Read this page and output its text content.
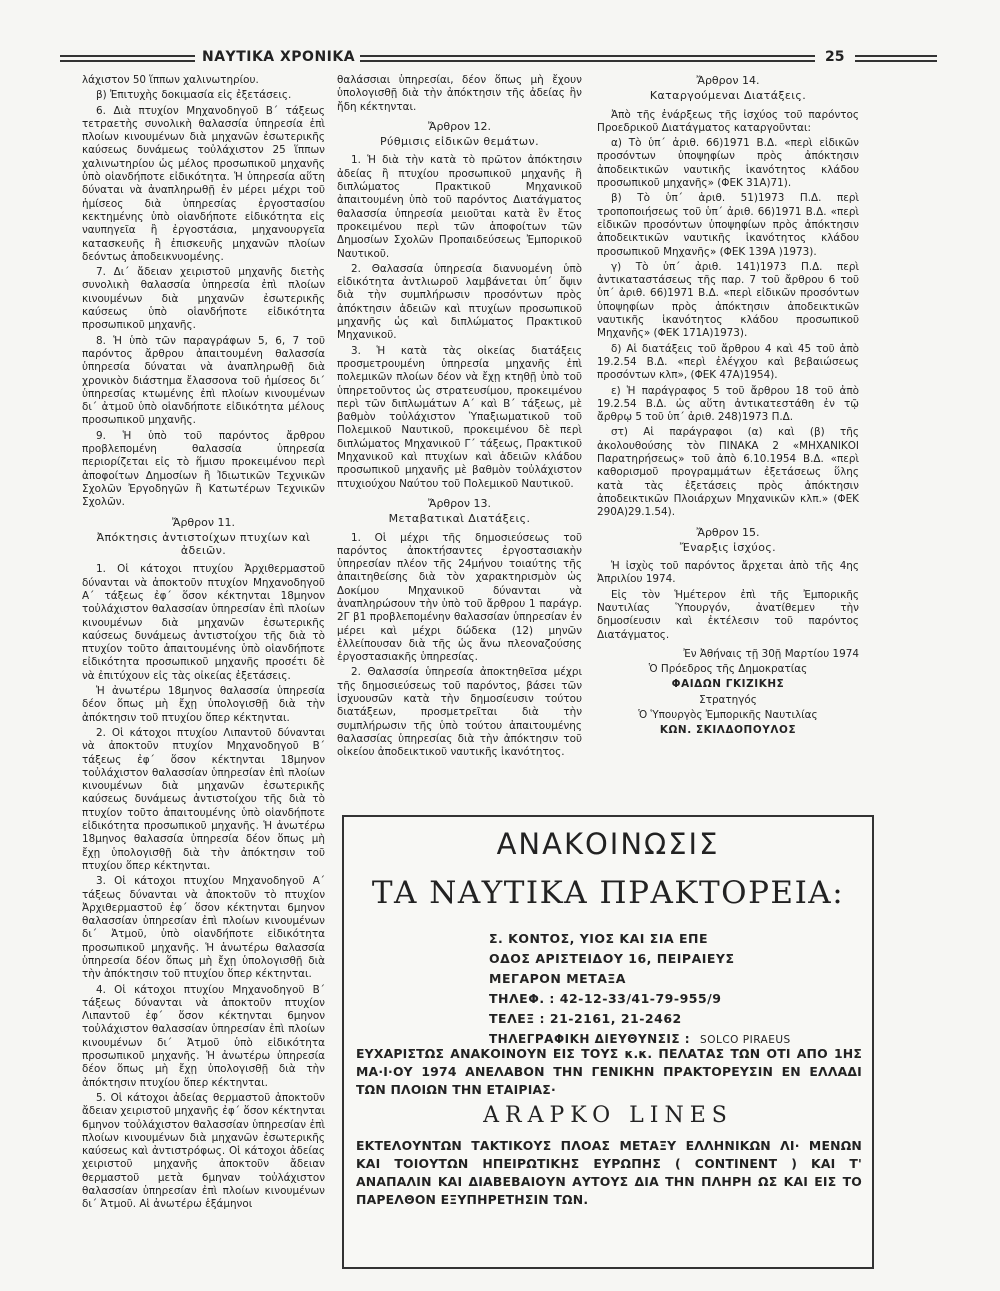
ΝΑΥΤΙΚΑ ΧΡΟΝΙΚΑ	25

λάχιστον 50 ἵππων χαλινωτηρίου.

β) Ἐπιτυχὴς δοκιμασία εἰς ἐξετάσεις.

6. Διὰ πτυχίον Μηχανοδηγοῦ Β΄ τάξεως τετραετὴς συνολικὴ θαλασσία ὑπηρεσία ἐπὶ πλοίων κινουμένων διὰ μηχανῶν ἐσωτερικῆς καύσεως δυνάμεως τοὐλάχιστον 25 ἵππων χαλινωτηρίου ὡς μέλος προσωπικοῦ μηχανῆς ὑπὸ οἱανδήποτε εἰδικότητα. Ἡ ὑπηρεσία αὕτη δύναται νὰ ἀναπληρωθῇ ἐν μέρει μέχρι τοῦ ἡμίσεος διὰ ὑπηρεσίας ἐργοστασίου κεκτημένης ὑπὸ οἱανδήποτε εἰδικότητα εἰς ναυπηγεῖα ἢ ἐργοστάσια, μηχανουργεῖα κατασκευῆς ἢ ἐπισκευῆς μηχανῶν πλοίων δεόντως ἀποδεικνυομένης.

7. Δι΄ ἄδειαν χειριστοῦ μηχανῆς διετὴς συνολικὴ θαλασσία ὑπηρεσία ἐπὶ πλοίων κινουμένων διὰ μηχανῶν ἐσωτερικῆς καύσεως ὑπὸ οἱανδήποτε εἰδικότητα προσωπικοῦ μηχανῆς.

8. Ἡ ὑπὸ τῶν παραγράφων 5, 6, 7 τοῦ παρόντος ἄρθρου ἀπαιτουμένη θαλασσία ὑπηρεσία δύναται νὰ ἀναπληρωθῇ διὰ χρονικὸν διάστημα ἔλασσονα τοῦ ἡμίσεος δι΄ ὑπηρεσίας κτωμένης ἐπὶ πλοίων κινουμένων δι΄ ἀτμοῦ ὑπὸ οἱανδήποτε εἰδικότητα μέλους προσωπικοῦ μηχανῆς.

9. Ἡ ὑπὸ τοῦ παρόντος ἄρθρου προβλεπομένη θαλασσία ὑπηρεσία περιορίζεται εἰς τὸ ἥμισυ προκειμένου περὶ ἀποφοίτων Δημοσίων ἢ Ἰδιωτικῶν Τεχνικῶν Σχολῶν Ἐργοδηγῶν ἢ Κατωτέρων Τεχνικῶν Σχολῶν.

Ἄρθρον 11.

Ἀπόκτησις ἀντιστοίχων πτυχίων καὶ ἀδειῶν.

1. Οἱ κάτοχοι πτυχίου Ἀρχιθερμαστοῦ δύνανται νὰ ἀποκτοῦν πτυχίον Μηχανοδηγοῦ Α΄ τάξεως ἐφ΄ ὅσον κέκτηνται 18μηνον τοὐλάχιστον θαλασσίαν ὑπηρεσίαν ἐπὶ πλοίων κινουμένων διὰ μηχανῶν ἐσωτερικῆς καύσεως δυνάμεως ἀντιστοίχου τῆς διὰ τὸ πτυχίον τοῦτο ἀπαιτουμένης ὑπὸ οἱανδήποτε εἰδικότητα προσωπικοῦ μηχανῆς προσέτι δὲ νὰ ἐπιτύχουν εἰς τὰς οἰκείας ἐξετάσεις.

Ἡ ἀνωτέρω 18μηνος θαλασσία ὑπηρεσία δέον ὅπως μὴ ἔχῃ ὑπολογισθῇ διὰ τὴν ἀπόκτησιν τοῦ πτυχίου ὅπερ κέκτηνται.

2. Οἱ κάτοχοι πτυχίου Λιπαντοῦ δύνανται νὰ ἀποκτοῦν πτυχίον Μηχανοδηγοῦ Β΄ τάξεως ἐφ΄ ὅσον κέκτηνται 18μηνον τοὐλάχιστον θαλασσίαν ὑπηρεσίαν ἐπὶ πλοίων κινουμένων διὰ μηχανῶν ἐσωτερικῆς καύσεως δυνάμεως ἀντιστοίχου τῆς διὰ τὸ πτυχίον τοῦτο ἀπαιτουμένης ὑπὸ οἱανδήποτε εἰδικότητα προσωπικοῦ μηχανῆς. Ἡ ἀνωτέρω 18μηνος θαλασσία ὑπηρεσία δέον ὅπως μὴ ἔχῃ ὑπολογισθῇ διὰ τὴν ἀπόκτησιν τοῦ πτυχίου ὅπερ κέκτηνται.

3. Οἱ κάτοχοι πτυχίου Μηχανοδηγοῦ Α΄ τάξεως δύνανται νὰ ἀποκτοῦν τὸ πτυχίον Ἀρχιθερμαστοῦ ἐφ΄ ὅσον κέκτηνται 6μηνον θαλασσίαν ὑπηρεσίαν ἐπὶ πλοίων κινουμένων δι΄ Ἀτμοῦ, ὑπὸ οἱανδήποτε εἰδικότητα προσωπικοῦ μηχανῆς. Ἡ ἀνωτέρω θαλασσία ὑπηρεσία δέον ὅπως μὴ ἔχῃ ὑπολογισθῇ διὰ τὴν ἀπόκτησιν τοῦ πτυχίου ὅπερ κέκτηνται.

4. Οἱ κάτοχοι πτυχίου Μηχανοδηγοῦ Β΄ τάξεως δύνανται νὰ ἀποκτοῦν πτυχίον Λιπαντοῦ ἐφ΄ ὅσον κέκτηνται 6μηνον τοὐλάχιστον θαλασσίαν ὑπηρεσίαν ἐπὶ πλοίων κινουμένων δι΄ Ἀτμοῦ ὑπὸ εἰδικότητα προσωπικοῦ μηχανῆς. Ἡ ἀνωτέρω ὑπηρεσία δέον ὅπως μὴ ἔχῃ ὑπολογισθῇ διὰ τὴν ἀπόκτησιν πτυχίου ὅπερ κέκτηνται.

5. Οἱ κάτοχοι ἀδείας θερμαστοῦ ἀποκτοῦν ἄδειαν χειριστοῦ μηχανῆς ἐφ΄ ὅσον κέκτηνται 6μηνον τοὐλάχιστον θαλασσίαν ὑπηρεσίαν ἐπὶ πλοίων κινουμένων διὰ μηχανῶν ἐσωτερικῆς καύσεως καὶ ἀντιστρόφως. Οἱ κάτοχοι ἀδείας χειριστοῦ μηχανῆς ἀποκτοῦν ἄδειαν θερμαστοῦ μετὰ 6μηναν τοὐλάχιστον θαλασσίαν ὑπηρεσίαν ἐπὶ πλοίων κινουμένων δι΄ Ἀτμοῦ. Αἱ ἀνωτέρω ἑξάμηνοι

θαλάσσιαι ὑπηρεσίαι, δέον ὅπως μὴ ἔχουν ὑπολογισθῇ διὰ τὴν ἀπόκτησιν τῆς ἀδείας ἣν ἤδη κέκτηνται.

Ἄρθρον 12.

Ρύθμισις εἰδικῶν θεμάτων.

1. Ἡ διὰ τὴν κατὰ τὸ πρῶτον ἀπόκτησιν ἀδείας ἢ πτυχίου προσωπικοῦ μηχανῆς ἢ διπλώματος Πρακτικοῦ Μηχανικοῦ ἀπαιτουμένη ὑπὸ τοῦ παρόντος Διατάγματος θαλασσία ὑπηρεσία μειοῦται κατὰ ἓν ἔτος προκειμένου περὶ τῶν ἀποφοίτων τῶν Δημοσίων Σχολῶν Προπαιδεύσεως Ἐμπορικοῦ Ναυτικοῦ.

2. Θαλασσία ὑπηρεσία διανυομένη ὑπὸ εἰδικότητα ἀντλιωροῦ λαμβάνεται ὑπ΄ ὄψιν διὰ τὴν συμπλήρωσιν προσόντων πρὸς ἀπόκτησιν ἀδειῶν καὶ πτυχίων προσωπικοῦ μηχανῆς ὡς καὶ διπλώματος Πρακτικοῦ Μηχανικοῦ.

3. Ἡ κατὰ τὰς οἰκείας διατάξεις προσμετρουμένη ὑπηρεσία μηχανῆς ἐπὶ πολεμικῶν πλοίων δέον νὰ ἔχῃ κτηθῇ ὑπὸ τοῦ ὑπηρετοῦντος ὡς στρατευσίμου, προκειμένου περὶ τῶν διπλωμάτων Α΄ καὶ Β΄ τάξεως, μὲ βαθμὸν τοὐλάχιστον Ὑπαξιωματικοῦ τοῦ Πολεμικοῦ Ναυτικοῦ, προκειμένου δὲ περὶ διπλώματος Μηχανικοῦ Γ΄ τάξεως, Πρακτικοῦ Μηχανικοῦ καὶ πτυχίων καὶ ἀδειῶν κλάδου προσωπικοῦ μηχανῆς μὲ βαθμὸν τοὐλάχιστον πτυχιούχου Ναύτου τοῦ Πολεμικοῦ Ναυτικοῦ.

Ἄρθρον 13.

Μεταβατικαὶ Διατάξεις.

1. Οἱ μέχρι τῆς δημοσιεύσεως τοῦ παρόντος ἀποκτήσαντες ἐργοστασιακὴν ὑπηρεσίαν πλέον τῆς 24μήνου τοιαύτης τῆς ἀπαιτηθείσης διὰ τὸν χαρακτηρισμὸν ὡς Δοκίμου Μηχανικοῦ δύνανται νὰ ἀναπληρώσουν τὴν ὑπὸ τοῦ ἄρθρου 1 παράγρ. 2Γ β1 προβλεπομένην θαλασσίαν ὑπηρεσίαν ἐν μέρει καὶ μέχρι δώδεκα (12) μηνῶν ἐλλείπουσαν διὰ τῆς ὡς ἄνω πλεοναζούσης ἐργοστασιακῆς ὑπηρεσίας.

2. Θαλασσία ὑπηρεσία ἀποκτηθεῖσα μέχρι τῆς δημοσιεύσεως τοῦ παρόντος, βάσει τῶν ἰσχυουσῶν κατὰ τὴν δημοσίευσιν τούτου διατάξεων, προσμετρεῖται διὰ τὴν συμπλήρωσιν τῆς ὑπὸ τούτου ἀπαιτουμένης θαλασσίας ὑπηρεσίας διὰ τὴν ἀπόκτησιν τοῦ οἰκείου ἀποδεικτικοῦ ναυτικῆς ἱκανότητος.

Ἄρθρον 14.

Καταργούμεναι Διατάξεις.

Ἀπὸ τῆς ἐνάρξεως τῆς ἰσχύος τοῦ παρόντος Προεδρικοῦ Διατάγματος καταργοῦνται:

α) Τὸ ὑπ΄ ἀριθ. 66)1971 Β.Δ. «περὶ εἰδικῶν προσόντων ὑποψηφίων πρὸς ἀπόκτησιν ἀποδεικτικῶν ναυτικῆς ἱκανότητος κλάδου προσωπικοῦ μηχανῆς» (ΦΕΚ 31Α)71).

β) Τὸ ὑπ΄ ἀριθ. 51)1973 Π.Δ. περὶ τροποποιήσεως τοῦ ὑπ΄ ἀριθ. 66)1971 Β.Δ. «περὶ εἰδικῶν προσόντων ὑποψηφίων πρὸς ἀπόκτησιν ἀποδεικτικῶν ναυτικῆς ἱκανότητος κλάδου προσωπικοῦ Μηχανῆς» (ΦΕΚ 139Α )1973).

γ) Τὸ ὑπ΄ ἀριθ. 141)1973 Π.Δ. περὶ ἀντικαταστάσεως τῆς παρ. 7 τοῦ ἄρθρου 6 τοῦ ὑπ΄ ἀριθ. 66)1971 Β.Δ. «περὶ εἰδικῶν προσόντων ὑποψηφίων πρὸς ἀπόκτησιν ἀποδεικτικῶν ναυτικῆς ἱκανότητος κλάδου προσωπικοῦ Μηχανῆς» (ΦΕΚ 171Α)1973).

δ) Αἱ διατάξεις τοῦ ἄρθρου 4 καὶ 45 τοῦ ἀπὸ 19.2.54 Β.Δ. «περὶ ἐλέγχου καὶ βεβαιώσεως προσόντων κλπ», (ΦΕΚ 47Α)1954).

ε) Ἡ παράγραφος 5 τοῦ ἄρθρου 18 τοῦ ἀπὸ 19.2.54 Β.Δ. ὡς αὕτη ἀντικατεστάθη ἐν τῷ ἄρθρῳ 5 τοῦ ὑπ΄ ἀριθ. 248)1973 Π.Δ.

στ) Αἱ παράγραφοι (α) καὶ (β) τῆς ἀκολουθούσης τὸν ΠΙΝΑΚΑ 2 «ΜΗΧΑΝΙΚΟΙ Παρατηρήσεως» τοῦ ἀπὸ 6.10.1954 Β.Δ. «περὶ καθορισμοῦ προγραμμάτων ἐξετάσεως ὕλης κατὰ τὰς ἐξετάσεις πρὸς ἀπόκτησιν ἀποδεικτικῶν Πλοιάρχων Μηχανικῶν κλπ.» (ΦΕΚ 290Α)29.1.54).

Ἄρθρον 15.

Ἔναρξις ἰσχύος.

Ἡ ἰσχὺς τοῦ παρόντος ἄρχεται ἀπὸ τῆς 4ης Ἀπριλίου 1974.

Εἰς τὸν Ἡμέτερον ἐπὶ τῆς Ἐμπορικῆς Ναυτιλίας Ὑπουργόν, ἀνατίθεμεν τὴν δημοσίευσιν καὶ ἐκτέλεσιν τοῦ παρόντος Διατάγματος.

Ἐν Ἀθήναις τῇ 30ῇ Μαρτίου 1974

Ὁ Πρόεδρος τῆς Δημοκρατίας

ΦΑΙΔΩΝ ΓΚΙΖΙΚΗΣ

Στρατηγός

Ὁ Ὑπουργὸς Ἐμπορικῆς Ναυτιλίας

ΚΩΝ. ΣΚΙΛΔΟΠΟΥΛΟΣ

ΑΝΑΚΟΙΝΩΣΙΣ
ΤΑ ΝΑΥΤΙΚΑ ΠΡΑΚΤΟΡΕΙΑ:
Σ. ΚΟΝΤΟΣ, ΥΙΟΣ ΚΑΙ ΣΙΑ ΕΠΕ
ΟΔΟΣ ΑΡΙΣΤΕΙΔΟΥ 16, ΠΕΙΡΑΙΕΥΣ
ΜΕΓΑΡΟΝ ΜΕΤΑΞΑ
ΤΗΛΕΦ. : 42-12-33/41-79-955/9
ΤΕΛΕΞ : 21-2161, 21-2462
ΤΗΛΕΓΡΑΦΙΚΗ ΔΙΕΥΘΥΝΣΙΣ : SOLCO PIRAEUS
ΕΥΧΑΡΙΣΤΩΣ ΑΝΑΚΟΙΝΟΥΝ ΕΙΣ ΤΟΥΣ κ.κ. ΠΕΛΑΤΑΣ ΤΩΝ ΟΤΙ ΑΠΟ 1ΗΣ ΜΑ·Ι·ΟΥ 1974 ΑΝΕΛΑΒΟΝ ΤΗΝ ΓΕΝΙΚΗΝ ΠΡΑΚΤΟΡΕΥΣΙΝ ΕΝ ΕΛΛΑΔΙ ΤΩΝ ΠΛΟΙΩΝ ΤΗΝ ΕΤΑΙΡΙΑΣ·
ARAPKO LINES
ΕΚΤΕΛΟΥΝΤΩΝ ΤΑΚΤΙΚΟΥΣ ΠΛΟΑΣ ΜΕΤΑΞΥ ΕΛΛΗΝΙΚΩΝ ΛΙ· ΜΕΝΩΝ ΚΑΙ ΤΟΙΟΥΤΩΝ ΗΠΕΙΡΩΤΙΚΗΣ ΕΥΡΩΠΗΣ ( CONTINENT ) ΚΑΙ Τ' ΑΝΑΠΑΛΙΝ ΚΑΙ ΔΙΑΒΕΒΑΙΟΥΝ ΑΥΤΟΥΣ ΔΙΑ ΤΗΝ ΠΛΗΡΗ ΩΣ ΚΑΙ ΕΙΣ ΤΟ ΠΑΡΕΛΘΟΝ ΕΞΥΠΗΡΕΤΗΣΙΝ ΤΩΝ.
